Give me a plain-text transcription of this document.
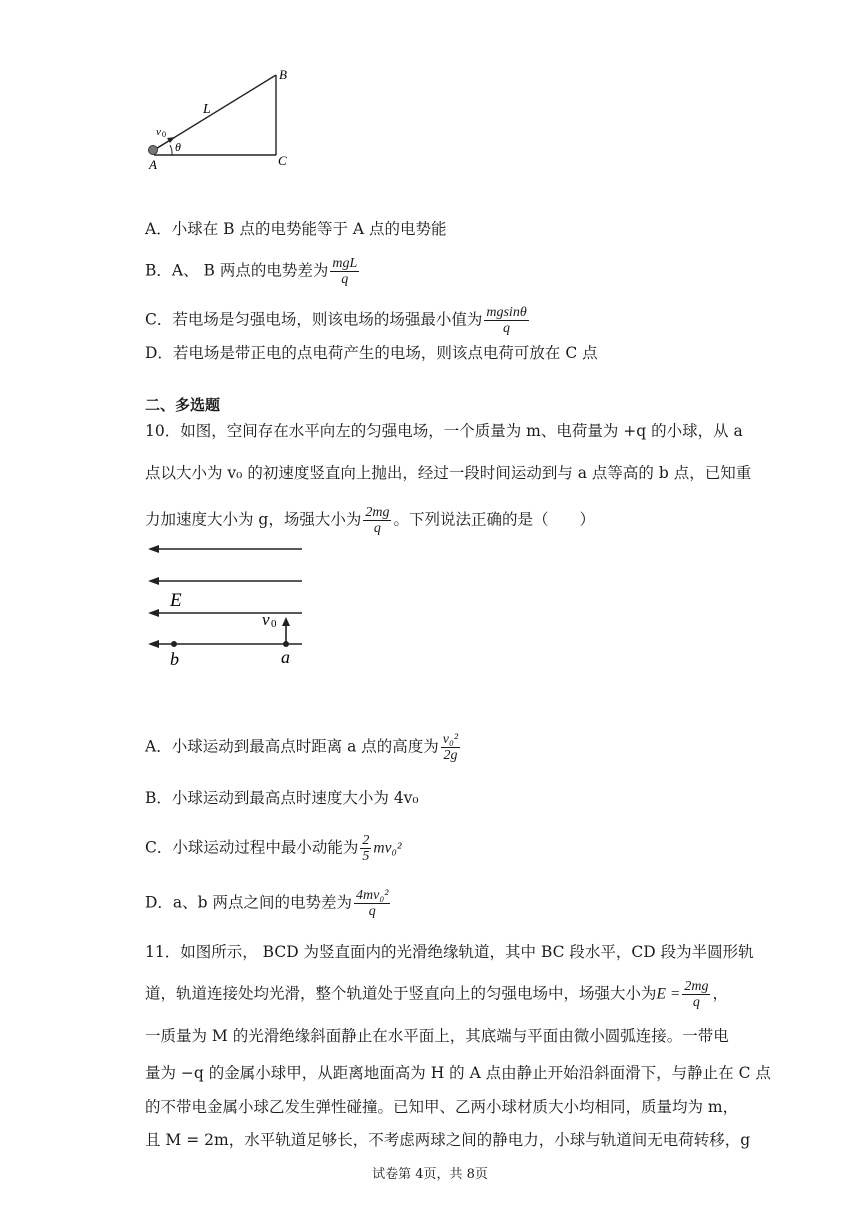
B
L
v 0
θ
A	C
A．小球在 B 点的电势能等于 A 点的电势能
B．A、 B 两点的电势差为 $\frac{\text{mgL}}{q}$
C．若电场是匀强电场，则该电场的场强最小值为 $\frac{mgsin\theta}{q}$
D．若电场是带正电的点电荷产生的电场，则该点电荷可放在 C 点
二、多选题
10．如图，空间存在水平向左的匀强电场，一个质量为 m、电荷量为 +q 的小球，从 a
点以大小为 v₀ 的初速度竖直向上抛出，经过一段时间运动到与 a 点等高的 b 点，已知重
力加速度大小为 g，场强大小为 $\frac{2mg}{q}$ 。下列说法正确的是（　　）
E
v 0
b	a
A．小球运动到最高点时距离 a 点的高度为 $\frac{\text{v₀²}}{2g}$
B．小球运动到最高点时速度大小为 4v₀
C．小球运动过程中最小动能为 $\frac{2}{5} mv_0^2$
D．a、b 两点之间的电势差为 $\frac{\text{4mv₀²}}{q}$
11．如图所示， BCD 为竖直面内的光滑绝缘轨道，其中 BC 段水平，CD 段为半圆形轨
道，轨道连接处均光滑，整个轨道处于竖直向上的匀强电场中，场强大小为$E = \frac{2mg}{q}$ ，
一质量为 M 的光滑绝缘斜面静止在水平面上，其底端与平面由微小圆弧连接。一带电
量为 −q 的金属小球甲，从距离地面高为 H 的 A 点由静止开始沿斜面滑下，与静止在 C 点
的不带电金属小球乙发生弹性碰撞。已知甲、乙两小球材质大小均相同，质量均为 m，
且 M = 2m，水平轨道足够长，不考虑两球之间的静电力，小球与轨道间无电荷转移，g
试卷第 4页，共 8页
